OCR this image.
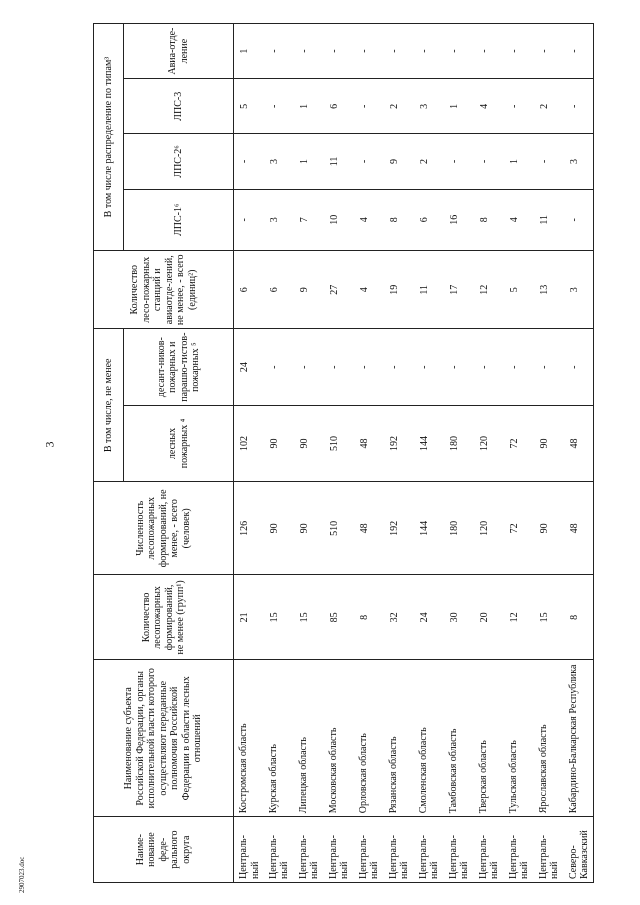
3
2907023.doc
Наиме-
нование
феде-
рального
округа	Наименование субъекта Российской Федерации, органы исполнительной власти которого осуществляют переданные полномочия Российской Федерации в области лесных отношений	Количество лесопожарных формирований, не менее (групп¹)	Численность лесопожарных формирований, не менее, - всего (человек)	В том числе, не менее		Количество лесо-пожарных станций и авиаотде-лений, не менее, - всего (единиц²)	В том числе распределение по типам³			
				лесных пожарных ⁴	десант-ников-пожарных и парашю-тистов-пожарных ⁵		ЛПС-1⁶	ЛПС-2⁶	ЛПС-3	Авиа-отде-ление
Централь-ный	Костромская область	21	126	102	24	6	-	-	5	1
Централь-ный	Курская область	15	90	90	-	6	3	3	-	-
Централь-ный	Липецкая область	15	90	90	-	9	7	1	1	-
Централь-ный	Московская область	85	510	510	-	27	10	11	6	-
Централь-ный	Орловская область	8	48	48	-	4	4	-	-	-
Централь-ный	Рязанская область	32	192	192	-	19	8	9	2	-
Централь-ный	Смоленская область	24	144	144	-	11	6	2	3	-
Централь-ный	Тамбовская область	30	180	180	-	17	16	-	1	-
Централь-ный	Тверская область	20	120	120	-	12	8	-	4	-
Централь-ный	Тульская область	12	72	72	-	5	4	1	-	-
Централь-ный	Ярославская область	15	90	90	-	13	11	-	2	-
Северо-Кавказский	Кабардино-Балкарская Республика	8	48	48	-	3	-	3	-	-
